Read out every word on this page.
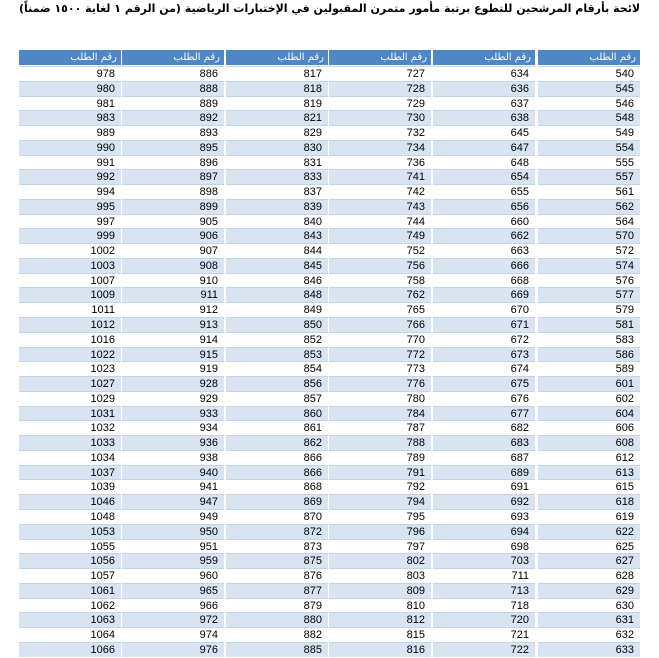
لائحة بأرقام المرشحين للتطوع برتبة مأمور متمرن المقبولين في الإختبارات الرياضية (من الرقم ١ لغاية ١٥٠٠ ضمناً)
رقم الطلب
540
545
546
548
549
554
555
557
561
562
564
570
572
574
576
577
579
581
583
586
589
601
602
604
606
608
612
613
615
618
619
622
625
627
628
629
630
631
632
633
رقم الطلب
634
636
637
638
645
647
648
654
655
656
660
662
663
666
668
669
670
671
672
673
674
675
676
677
682
683
687
689
691
692
693
694
698
703
711
713
718
720
721
722
رقم الطلب
727
728
729
730
732
734
736
741
742
743
744
749
752
756
758
762
765
766
770
772
773
776
780
784
787
788
789
791
792
794
795
796
797
802
803
809
810
812
815
816
رقم الطلب
817
818
819
821
829
830
831
833
837
839
840
843
844
845
846
848
849
850
852
853
854
856
857
860
861
862
866
866
868
869
870
872
873
875
876
877
879
880
882
885
رقم الطلب
886
888
889
892
893
895
896
897
898
899
905
906
907
908
910
911
912
913
914
915
919
928
929
933
934
936
938
940
941
947
949
950
951
959
960
965
966
972
974
976
رقم الطلب
978
980
981
983
989
990
991
992
994
995
997
999
1002
1003
1007
1009
1011
1012
1016
1022
1023
1027
1029
1031
1032
1033
1034
1037
1039
1046
1048
1053
1055
1056
1057
1061
1062
1063
1064
1066
